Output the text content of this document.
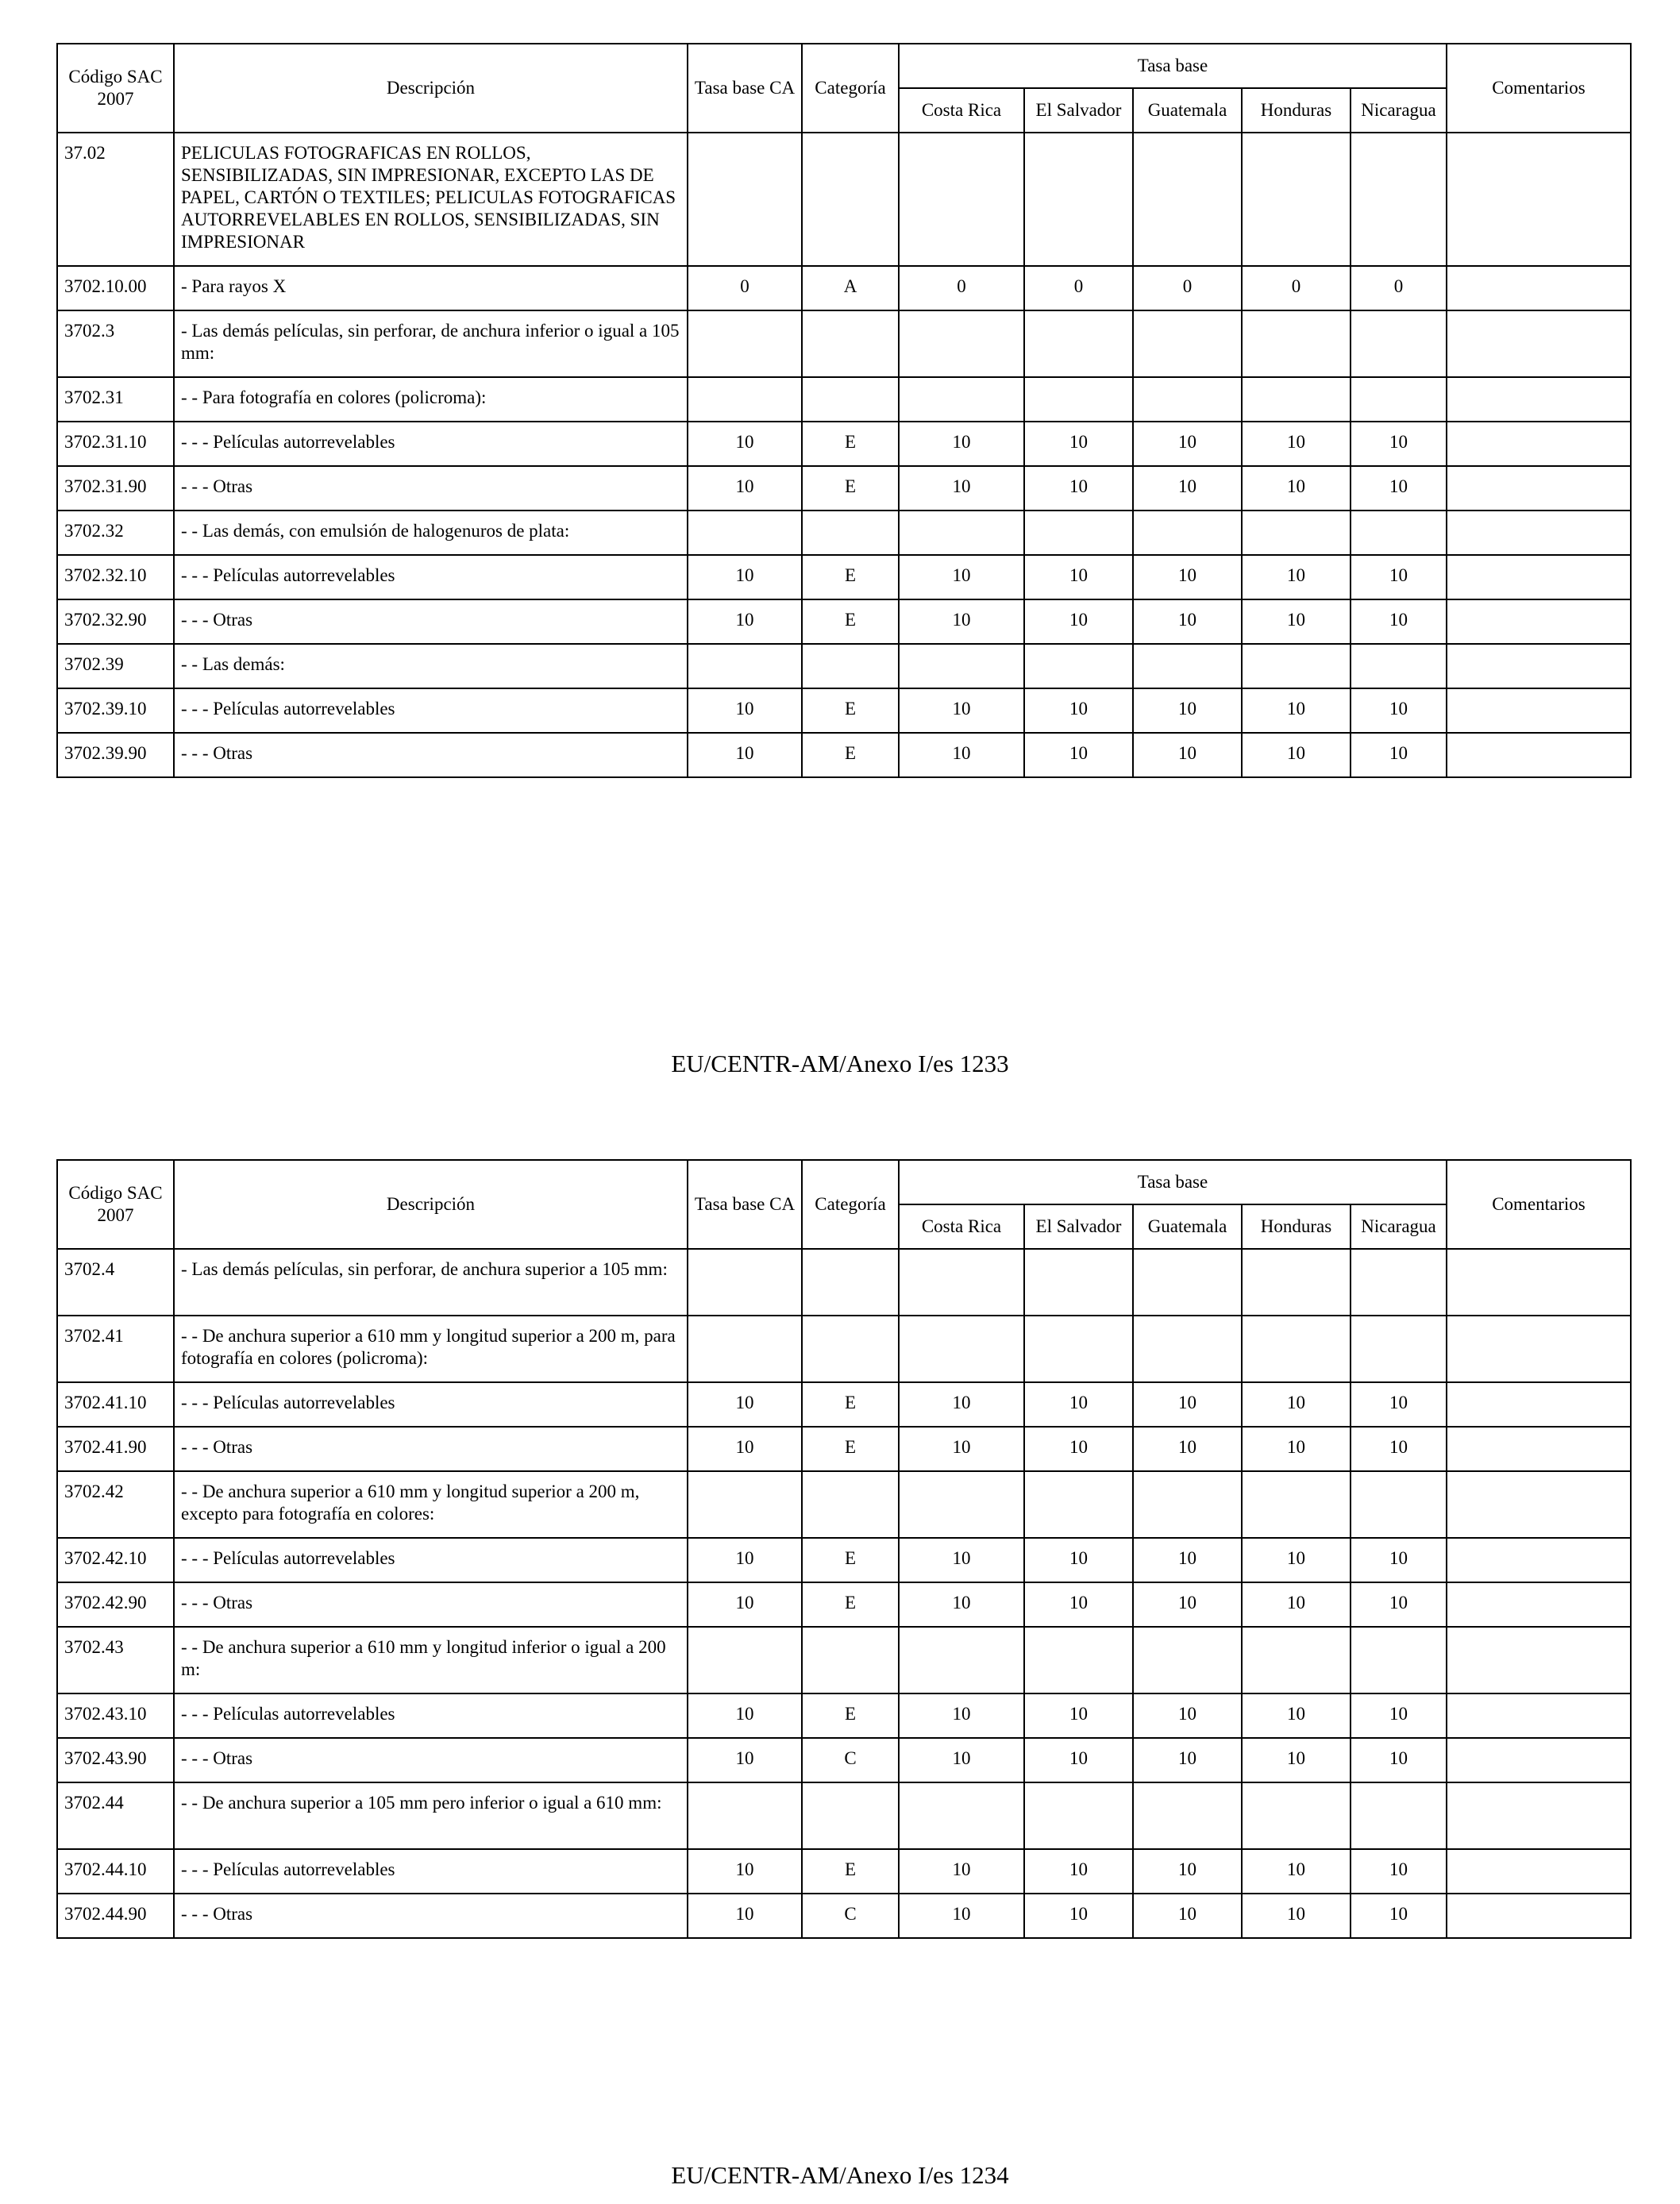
Código SAC 2007	Descripción	Tasa base CA	Categoría	Tasa base					Comentarios
				Costa Rica	El Salvador	Guatemala	Honduras	Nicaragua	
37.02	PELICULAS FOTOGRAFICAS EN ROLLOS, SENSIBILIZADAS, SIN IMPRESIONAR, EXCEPTO LAS DE PAPEL, CARTÓN O TEXTILES; PELICULAS FOTOGRAFICAS AUTORREVELABLES EN ROLLOS, SENSIBILIZADAS, SIN IMPRESIONAR								
3702.10.00	- Para rayos X	0	A	0	0	0	0	0	
3702.3	- Las demás películas, sin perforar, de anchura inferior o igual a 105 mm:								
3702.31	- - Para fotografía en colores (policroma):								
3702.31.10	- - - Películas autorrevelables	10	E	10	10	10	10	10	
3702.31.90	- - - Otras	10	E	10	10	10	10	10	
3702.32	- - Las demás, con emulsión de halogenuros de plata:								
3702.32.10	- - - Películas autorrevelables	10	E	10	10	10	10	10	
3702.32.90	- - - Otras	10	E	10	10	10	10	10	
3702.39	- - Las demás:								
3702.39.10	- - - Películas autorrevelables	10	E	10	10	10	10	10	
3702.39.90	- - - Otras	10	E	10	10	10	10	10	
EU/CENTR-AM/Anexo I/es 1233
Código SAC 2007	Descripción	Tasa base CA	Categoría	Tasa base					Comentarios
				Costa Rica	El Salvador	Guatemala	Honduras	Nicaragua	
3702.4	- Las demás películas, sin perforar, de anchura superior a 105 mm:								
3702.41	- - De anchura superior a 610 mm y longitud superior a 200 m, para fotografía en colores (policroma):								
3702.41.10	- - - Películas autorrevelables	10	E	10	10	10	10	10	
3702.41.90	- - - Otras	10	E	10	10	10	10	10	
3702.42	- - De anchura superior a 610 mm y longitud superior a 200 m, excepto para fotografía en colores:								
3702.42.10	- - - Películas autorrevelables	10	E	10	10	10	10	10	
3702.42.90	- - - Otras	10	E	10	10	10	10	10	
3702.43	- - De anchura superior a 610 mm y longitud inferior o igual a 200 m:								
3702.43.10	- - - Películas autorrevelables	10	E	10	10	10	10	10	
3702.43.90	- - - Otras	10	C	10	10	10	10	10	
3702.44	- - De anchura superior a 105 mm pero inferior o igual a 610 mm:								
3702.44.10	- - - Películas autorrevelables	10	E	10	10	10	10	10	
3702.44.90	- - - Otras	10	C	10	10	10	10	10	
EU/CENTR-AM/Anexo I/es 1234
